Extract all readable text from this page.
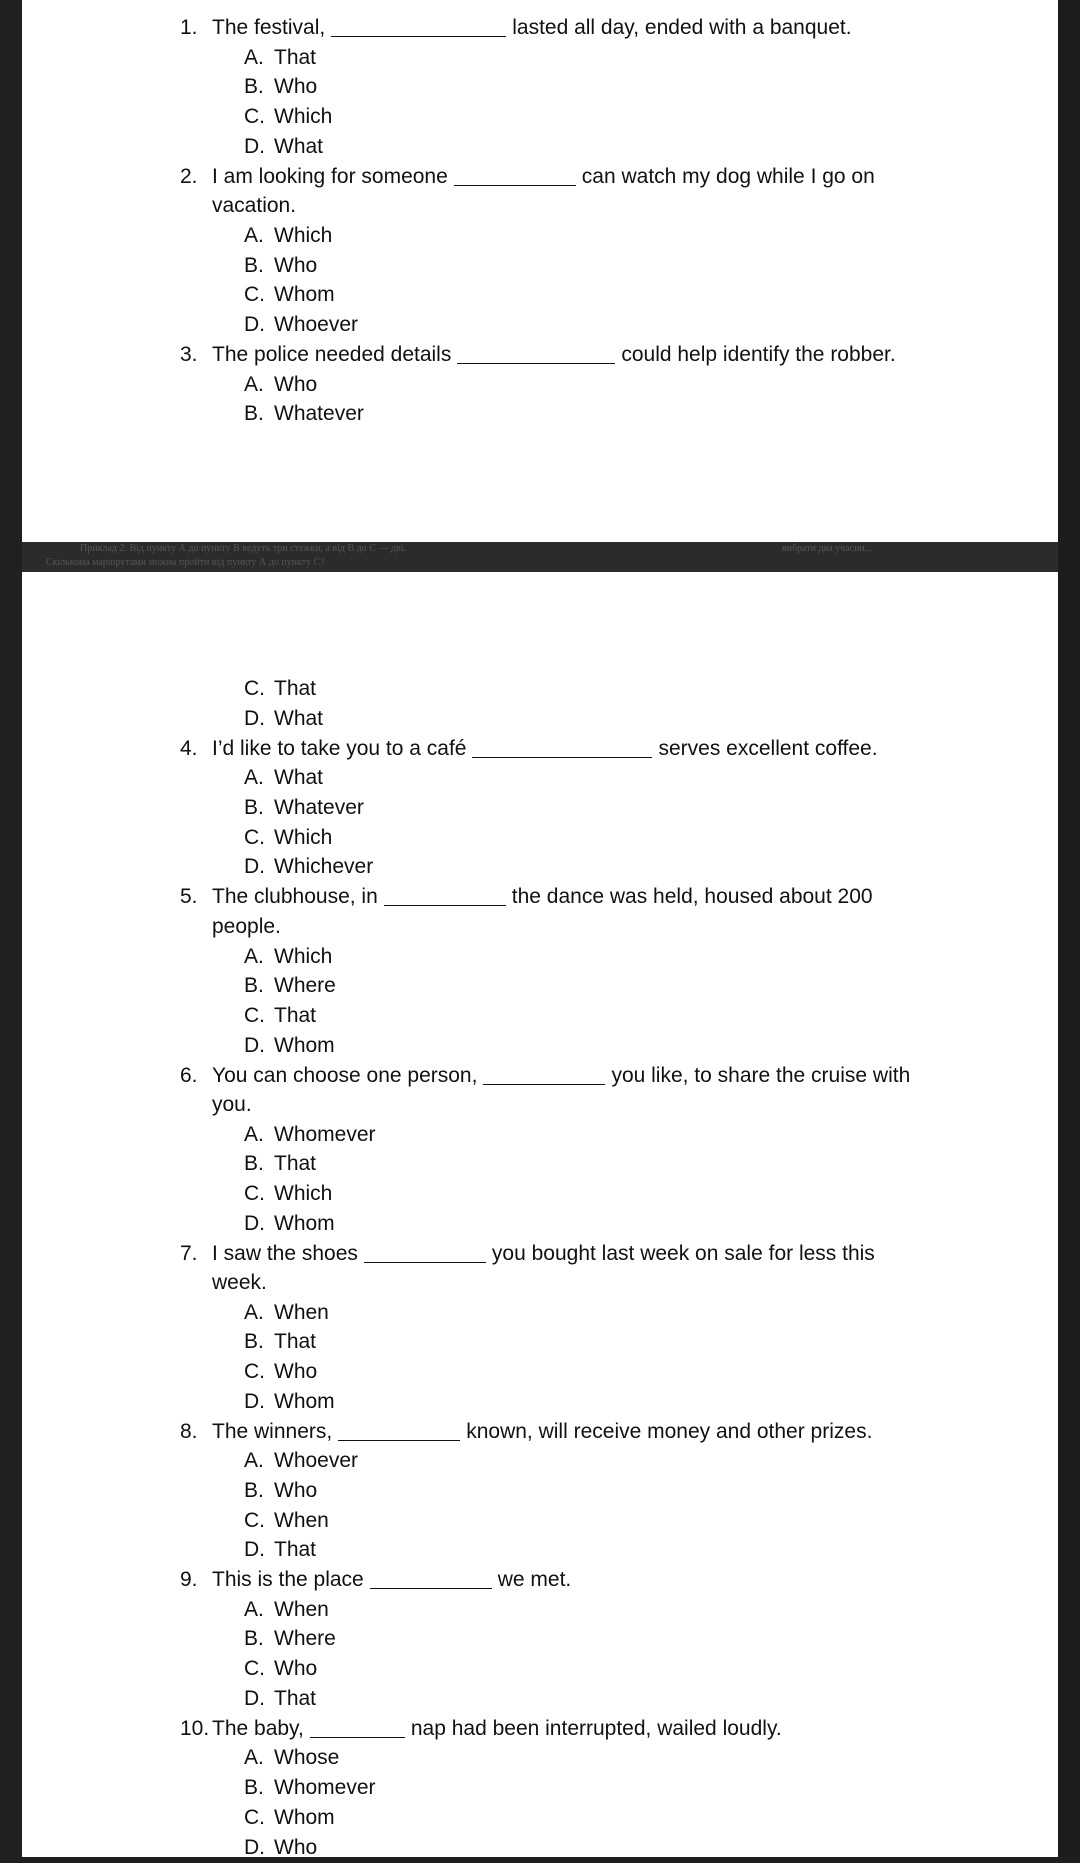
Приклад 2. Від пункту А до пункту В ведуть три стежки, а від В до С — дві.
Скількома маршрутами можна пройти від пункту А до пункту С?
вибрати два учасни...
1. The festival,	lasted all day, ended with a banquet.
A. That
B. Who
C. Which
D. What
2. I am looking for someone	can watch my dog while I go on
vacation.
A. Which
B. Who
C. Whom
D. Whoever
3. The police needed details	could help identify the robber.
A. Who
B. Whatever
C. That
D. What
4. I’d like to take you to a café	serves excellent coffee.
A. What
B. Whatever
C. Which
D. Whichever
5. The clubhouse, in	the dance was held, housed about 200
people.
A. Which
B. Where
C. That
D. Whom
6. You can choose one person,	you like, to share the cruise with
you.
A. Whomever
B. That
C. Which
D. Whom
7. I saw the shoes	you bought last week on sale for less this
week.
A. When
B. That
C. Who
D. Whom
8. The winners,	known, will receive money and other prizes.
A. Whoever
B. Who
C. When
D. That
9. This is the place	we met.
A. When
B. Where
C. Who
D. That
10. The baby,	nap had been interrupted, wailed loudly.
A. Whose
B. Whomever
C. Whom
D. Who
